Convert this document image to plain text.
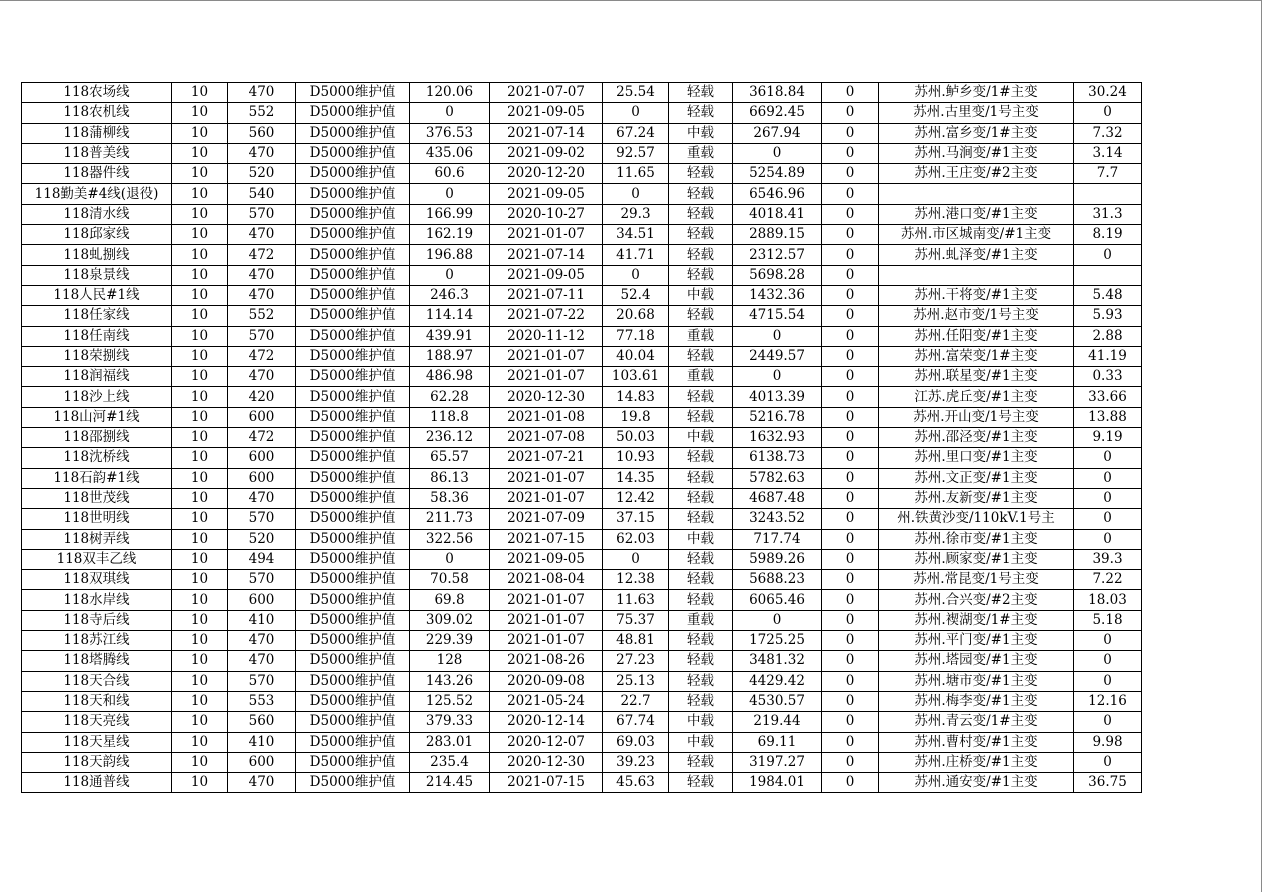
118农场线	10	470	D5000维护值	120.06	2021-07-07	25.54	轻载	3618.84	0	苏州.鲈乡变/1#主变	30.24
118农机线	10	552	D5000维护值	0	2021-09-05	0	轻载	6692.45	0	苏州.古里变/1号主变	0
118蒲柳线	10	560	D5000维护值	376.53	2021-07-14	67.24	中载	267.94	0	苏州.富乡变/1#主变	7.32
118普美线	10	470	D5000维护值	435.06	2021-09-02	92.57	重载	0	0	苏州.马涧变/#1主变	3.14
118器件线	10	520	D5000维护值	60.6	2020-12-20	11.65	轻载	5254.89	0	苏州.王庄变/#2主变	7.7
118勤美#4线(退役)	10	540	D5000维护值	0	2021-09-05	0	轻载	6546.96	0		
118清水线	10	570	D5000维护值	166.99	2020-10-27	29.3	轻载	4018.41	0	苏州.港口变/#1主变	31.3
118邱家线	10	470	D5000维护值	162.19	2021-01-07	34.51	轻载	2889.15	0	苏州.市区城南变/#1主变	8.19
118虬捌线	10	472	D5000维护值	196.88	2021-07-14	41.71	轻载	2312.57	0	苏州.虬泽变/#1主变	0
118泉景线	10	470	D5000维护值	0	2021-09-05	0	轻载	5698.28	0		
118人民#1线	10	470	D5000维护值	246.3	2021-07-11	52.4	中载	1432.36	0	苏州.干将变/#1主变	5.48
118任家线	10	552	D5000维护值	114.14	2021-07-22	20.68	轻载	4715.54	0	苏州.赵市变/1号主变	5.93
118任南线	10	570	D5000维护值	439.91	2020-11-12	77.18	重载	0	0	苏州.任阳变/#1主变	2.88
118荣捌线	10	472	D5000维护值	188.97	2021-01-07	40.04	轻载	2449.57	0	苏州.富荣变/1#主变	41.19
118润福线	10	470	D5000维护值	486.98	2021-01-07	103.61	重载	0	0	苏州.联星变/#1主变	0.33
118沙上线	10	420	D5000维护值	62.28	2020-12-30	14.83	轻载	4013.39	0	江苏.虎丘变/#1主变	33.66
118山河#1线	10	600	D5000维护值	118.8	2021-01-08	19.8	轻载	5216.78	0	苏州.开山变/1号主变	13.88
118邵捌线	10	472	D5000维护值	236.12	2021-07-08	50.03	中载	1632.93	0	苏州.邵泾变/#1主变	9.19
118沈桥线	10	600	D5000维护值	65.57	2021-07-21	10.93	轻载	6138.73	0	苏州.里口变/#1主变	0
118石韵#1线	10	600	D5000维护值	86.13	2021-01-07	14.35	轻载	5782.63	0	苏州.文正变/#1主变	0
118世茂线	10	470	D5000维护值	58.36	2021-01-07	12.42	轻载	4687.48	0	苏州.友新变/#1主变	0
118世明线	10	570	D5000维护值	211.73	2021-07-09	37.15	轻载	3243.52	0	州.铁黄沙变/110kV.1号主	0
118树弄线	10	520	D5000维护值	322.56	2021-07-15	62.03	中载	717.74	0	苏州.徐市变/#1主变	0
118双丰乙线	10	494	D5000维护值	0	2021-09-05	0	轻载	5989.26	0	苏州.顾家变/#1主变	39.3
118双琪线	10	570	D5000维护值	70.58	2021-08-04	12.38	轻载	5688.23	0	苏州.常昆变/1号主变	7.22
118水岸线	10	600	D5000维护值	69.8	2021-01-07	11.63	轻载	6065.46	0	苏州.合兴变/#2主变	18.03
118寺后线	10	410	D5000维护值	309.02	2021-01-07	75.37	重载	0	0	苏州.褉湖变/1#主变	5.18
118苏江线	10	470	D5000维护值	229.39	2021-01-07	48.81	轻载	1725.25	0	苏州.平门变/#1主变	0
118塔腾线	10	470	D5000维护值	128	2021-08-26	27.23	轻载	3481.32	0	苏州.塔园变/#1主变	0
118天合线	10	570	D5000维护值	143.26	2020-09-08	25.13	轻载	4429.42	0	苏州.塘市变/#1主变	0
118天和线	10	553	D5000维护值	125.52	2021-05-24	22.7	轻载	4530.57	0	苏州.梅李变/#1主变	12.16
118天亮线	10	560	D5000维护值	379.33	2020-12-14	67.74	中载	219.44	0	苏州.青云变/1#主变	0
118天星线	10	410	D5000维护值	283.01	2020-12-07	69.03	中载	69.11	0	苏州.曹村变/#1主变	9.98
118天韵线	10	600	D5000维护值	235.4	2020-12-30	39.23	轻载	3197.27	0	苏州.庄桥变/#1主变	0
118通普线	10	470	D5000维护值	214.45	2021-07-15	45.63	轻载	1984.01	0	苏州.通安变/#1主变	36.75
